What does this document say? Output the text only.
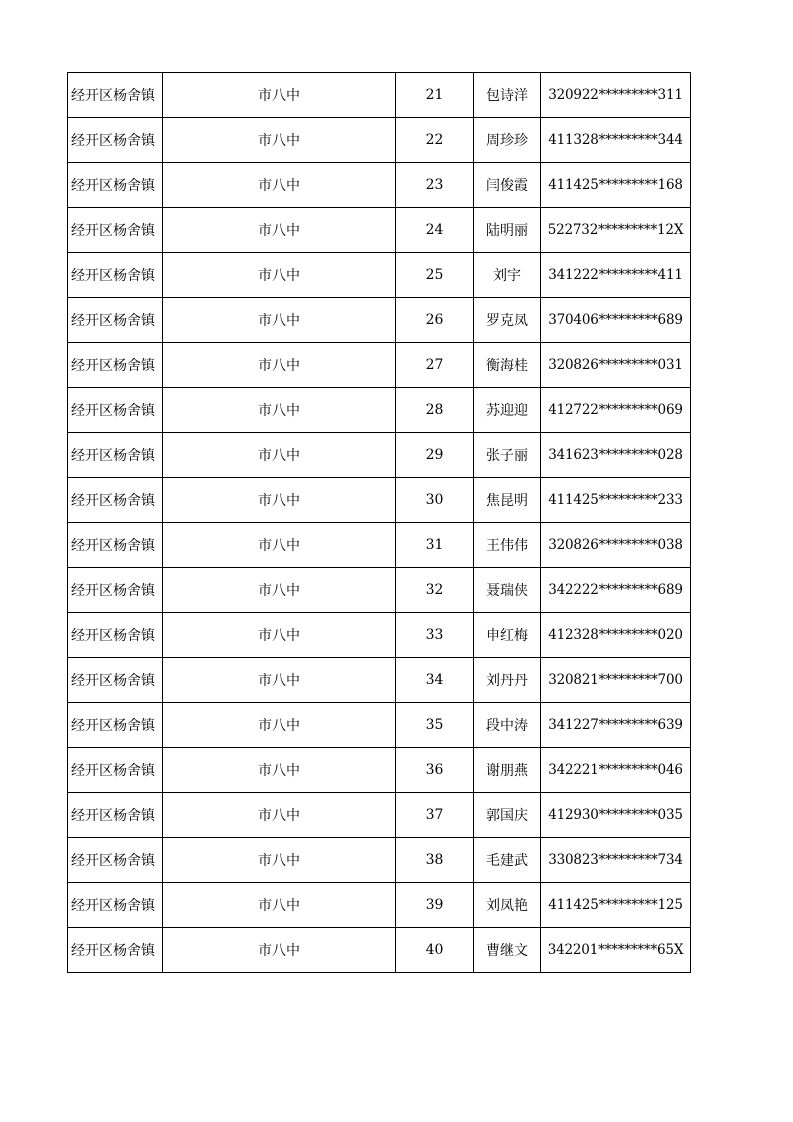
经开区杨舍镇	市八中	21	包诗洋	320922*********311
经开区杨舍镇	市八中	22	周珍珍	411328*********344
经开区杨舍镇	市八中	23	闫俊霞	411425*********168
经开区杨舍镇	市八中	24	陆明丽	522732*********12X
经开区杨舍镇	市八中	25	刘宇	341222*********411
经开区杨舍镇	市八中	26	罗克凤	370406*********689
经开区杨舍镇	市八中	27	衡海桂	320826*********031
经开区杨舍镇	市八中	28	苏迎迎	412722*********069
经开区杨舍镇	市八中	29	张子丽	341623*********028
经开区杨舍镇	市八中	30	焦昆明	411425*********233
经开区杨舍镇	市八中	31	王伟伟	320826*********038
经开区杨舍镇	市八中	32	聂瑞侠	342222*********689
经开区杨舍镇	市八中	33	申红梅	412328*********020
经开区杨舍镇	市八中	34	刘丹丹	320821*********700
经开区杨舍镇	市八中	35	段中涛	341227*********639
经开区杨舍镇	市八中	36	谢朋燕	342221*********046
经开区杨舍镇	市八中	37	郭国庆	412930*********035
经开区杨舍镇	市八中	38	毛建武	330823*********734
经开区杨舍镇	市八中	39	刘凤艳	411425*********125
经开区杨舍镇	市八中	40	曹继文	342201*********65X
